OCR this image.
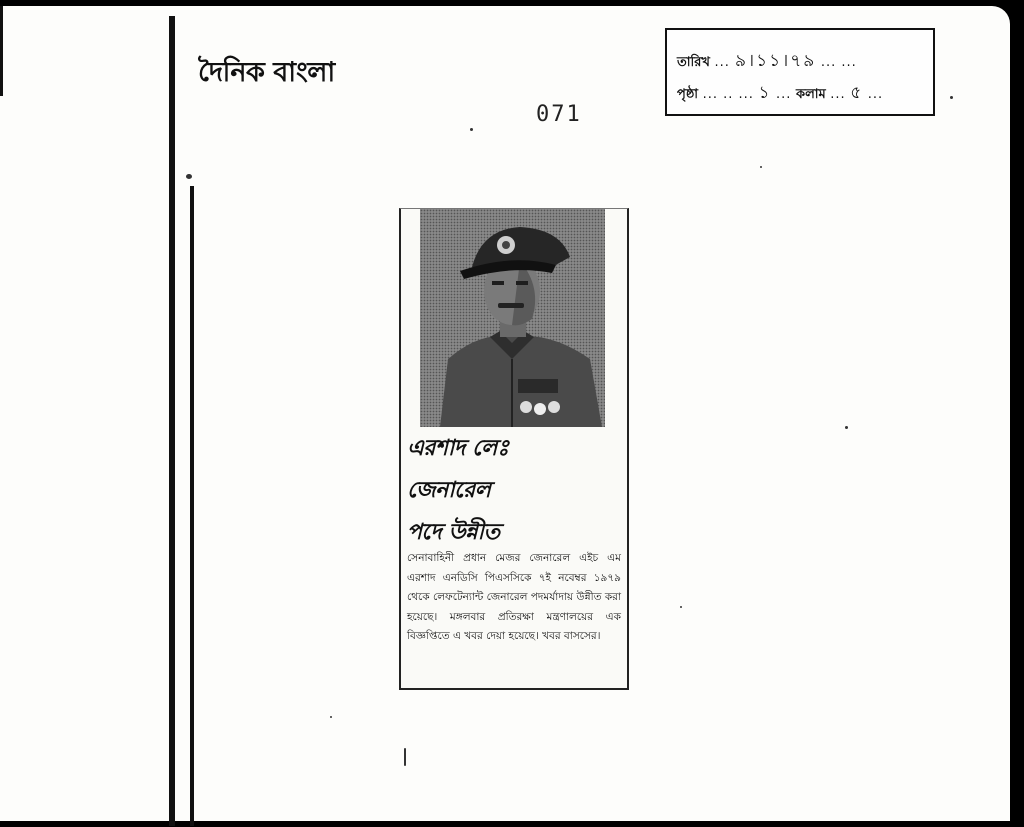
দৈনিক বাংলা
071
তারিখ ... ৯।১১।৭৯ ... ...
পৃষ্ঠা ... .. ... ১ ... কলাম ... ৫ ...
এরশাদ লেঃ
জেনারেল
পদে উন্নীত
সেনাবাহিনী প্রধান মেজর জেনারেল এইচ এম এরশাদ এনডিসি পিএসসিকে ৭ই নবেম্বর ১৯৭৯ থেকে লেফটেন্যান্ট জেনারেল পদমর্যাদায় উন্নীত করা হয়েছে। মঙ্গলবার প্রতিরক্ষা মন্ত্রণালয়ের এক বিজ্ঞপ্তিতে এ খবর দেয়া হয়েছে। খবর বাসসের।
